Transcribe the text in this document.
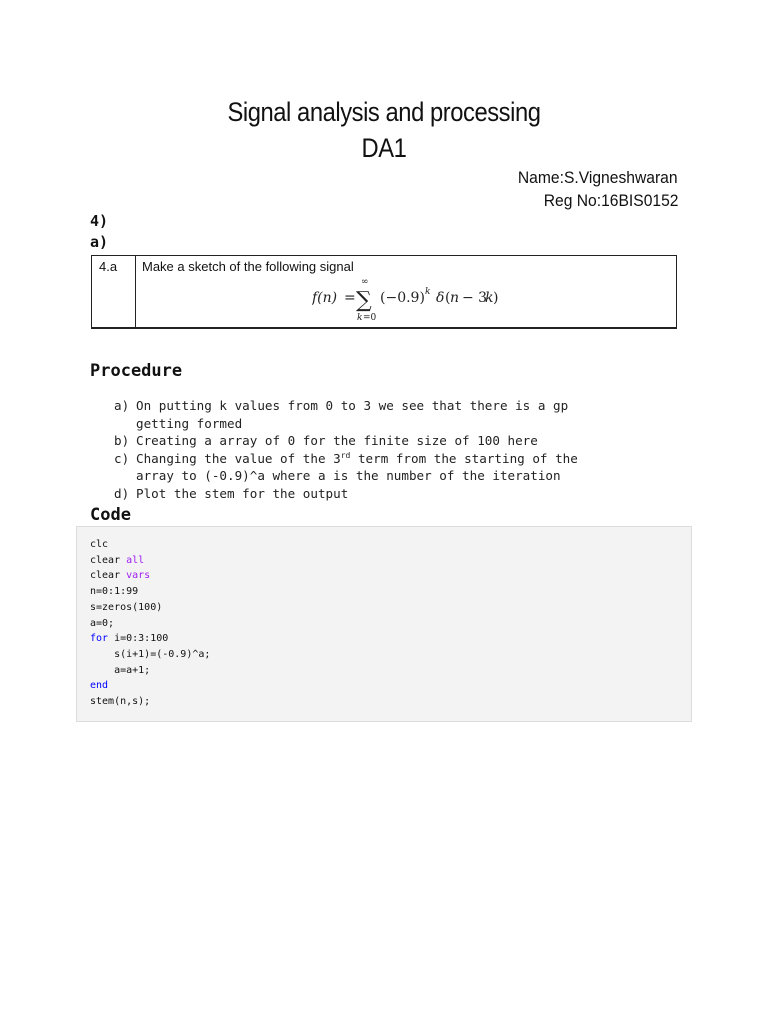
Signal analysis and processing
DA1
Name:S.Vigneshwaran
Reg No:16BIS0152
4)
a)
4.a Make a sketch of the following signal
f(n) =
∞
∑
k =0
(−0.9) k δ ( n − 3
k )
Procedure
a) On putting k values from 0 to 3 we see that there is a gp
getting formed
b) Creating a array of 0 for the finite size of 100 here
c) Changing the value of the 3rd term from the starting of the
array to (-0.9)^a where a is the number of the iteration
d) Plot the stem for the output
Code
clc
clear all
clear vars
n=0:1:99
s=zeros(100)
a=0;
for i=0:3:100
s(i+1)=(-0.9)^a;
a=a+1;
end
stem(n,s);
